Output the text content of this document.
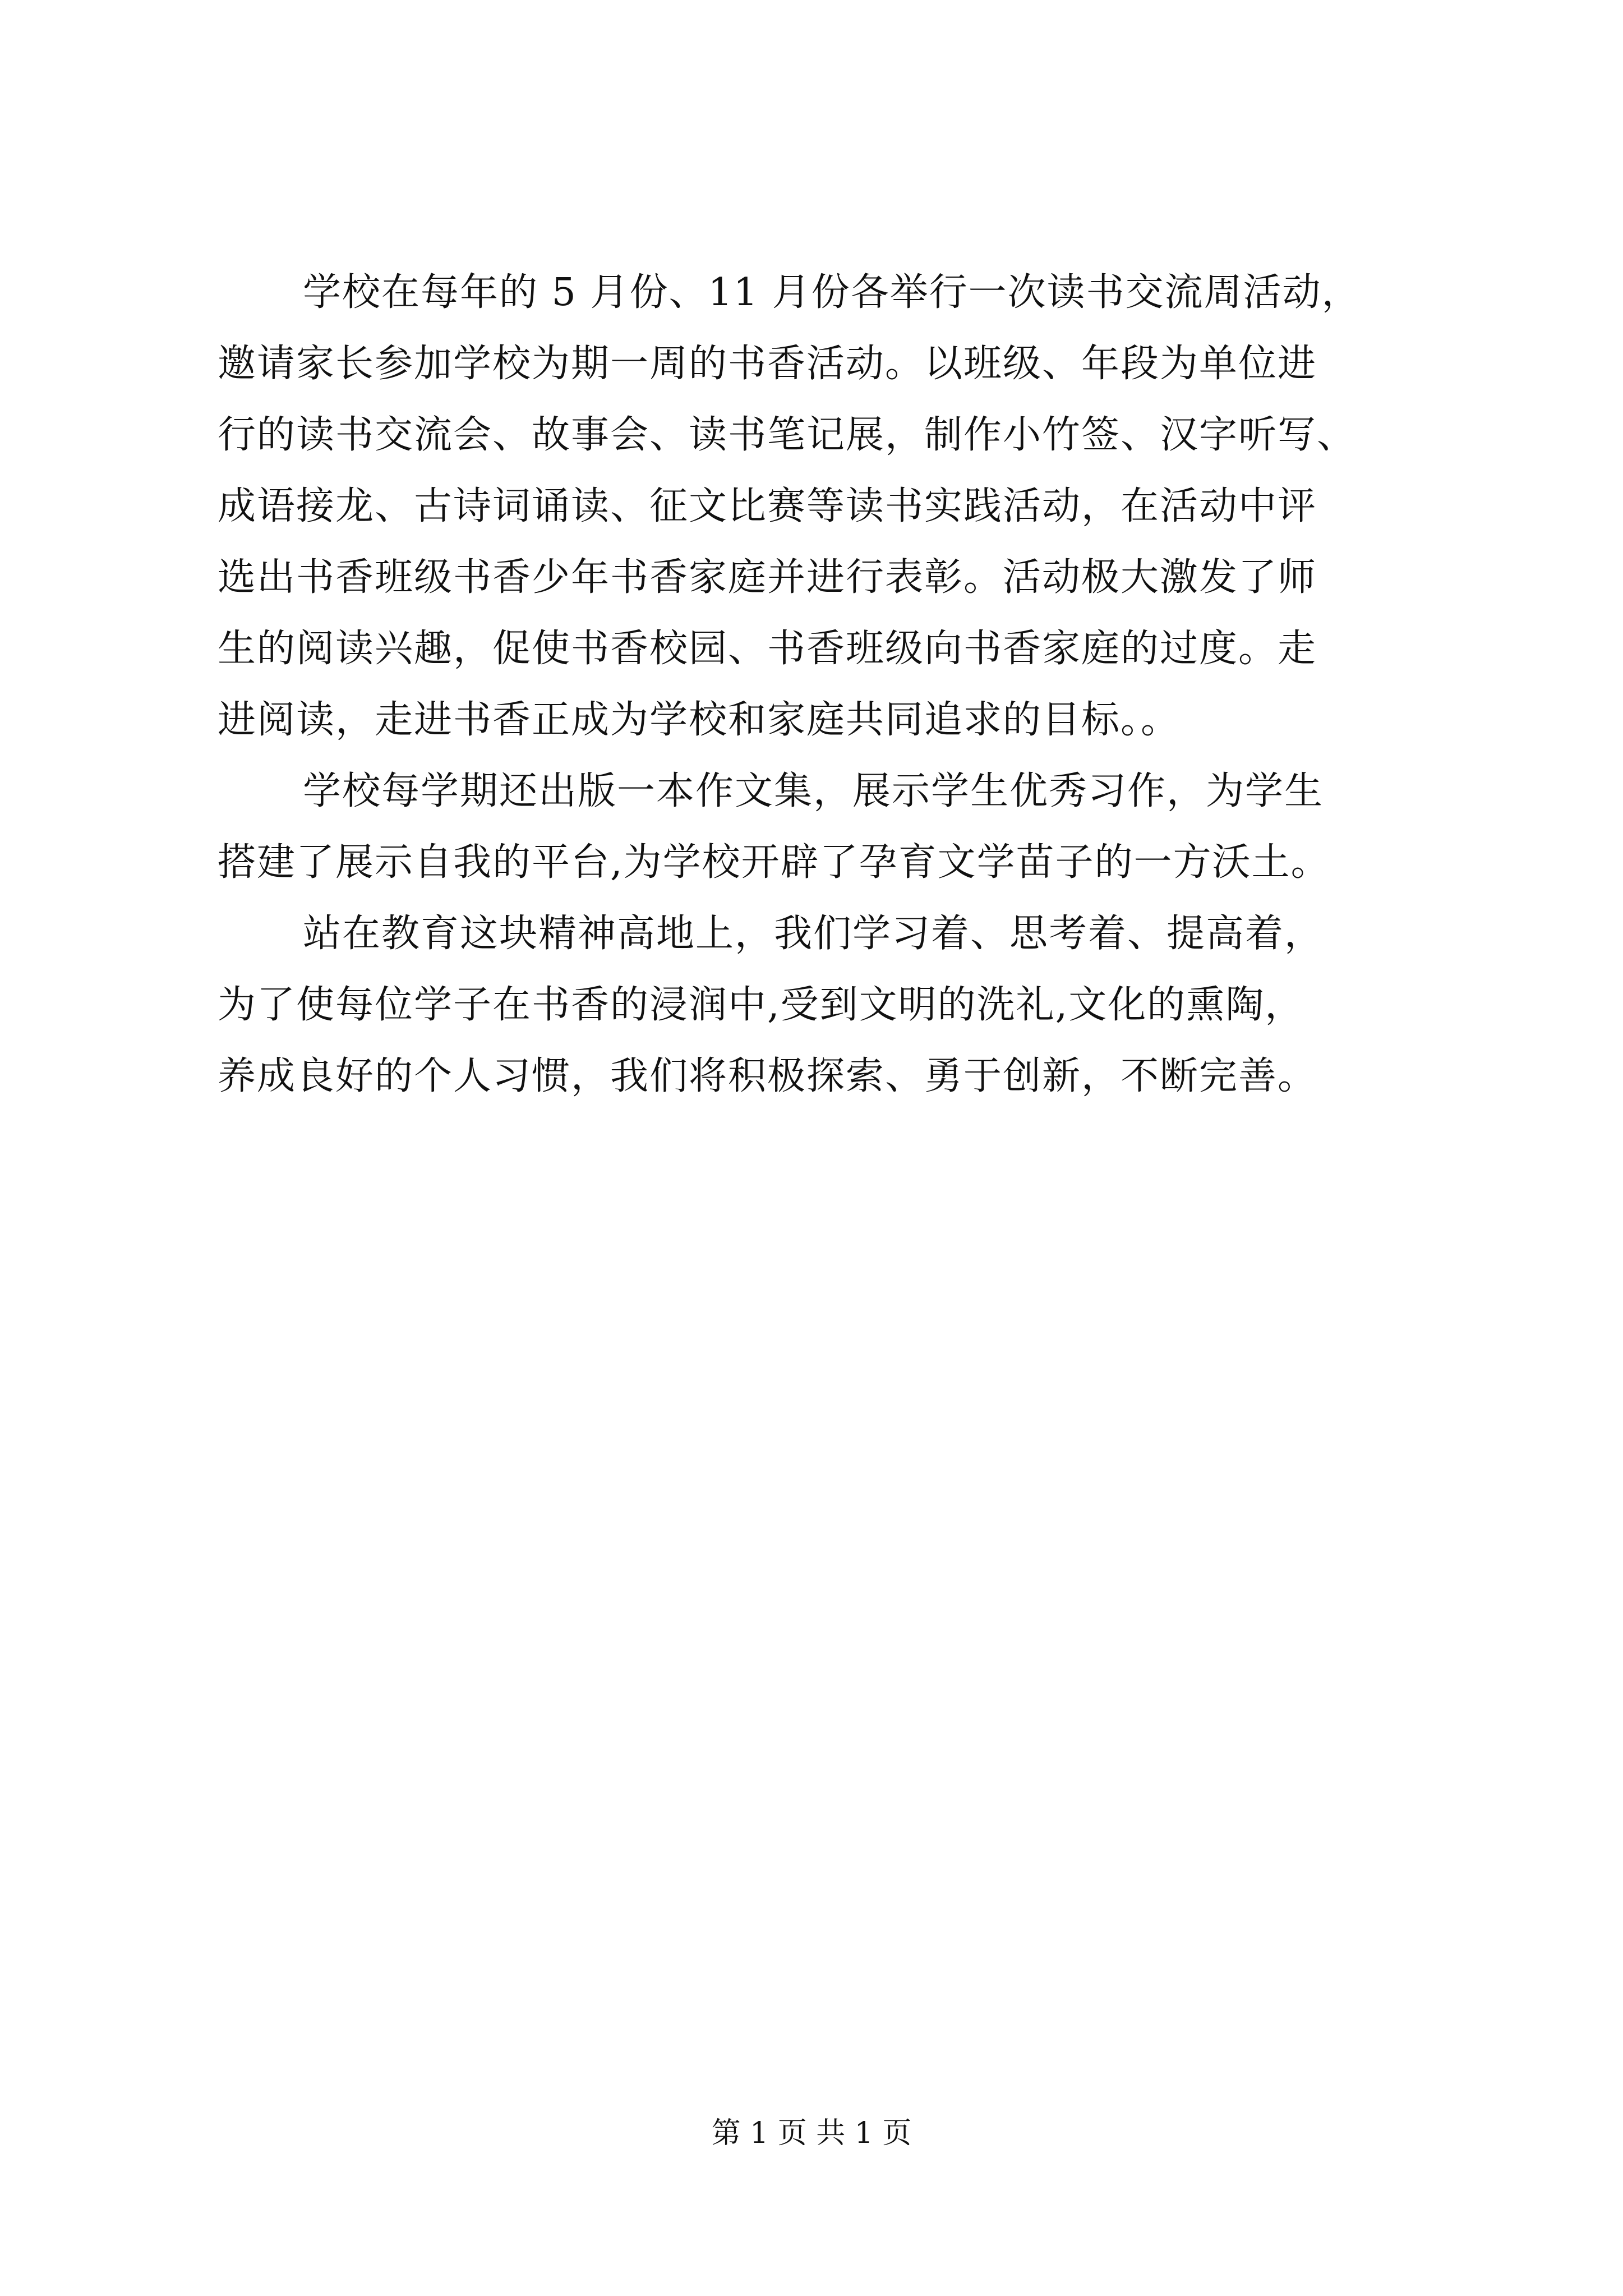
学校在每年的 5 月份、11 月份各举行一次读书交流周活动，
邀请家长参加学校为期一周的书香活动。以班级、年段为单位进
行的读书交流会、故事会、读书笔记展，制作小竹签、汉字听写、
成语接龙、古诗词诵读、征文比赛等读书实践活动，在活动中评
选出书香班级书香少年书香家庭并进行表彰。活动极大激发了师
生的阅读兴趣，促使书香校园、书香班级向书香家庭的过度。走
进阅读，走进书香正成为学校和家庭共同追求的目标。。
学校每学期还出版一本作文集，展示学生优秀习作，为学生
搭建了展示自我的平台,为学校开辟了孕育文学苗子的一方沃土。
站在教育这块精神高地上，我们学习着、思考着、提高着，
为了使每位学子在书香的浸润中,受到文明的洗礼,文化的熏陶，
养成良好的个人习惯，我们将积极探索、勇于创新，不断完善。
第 1 页 共 1 页
